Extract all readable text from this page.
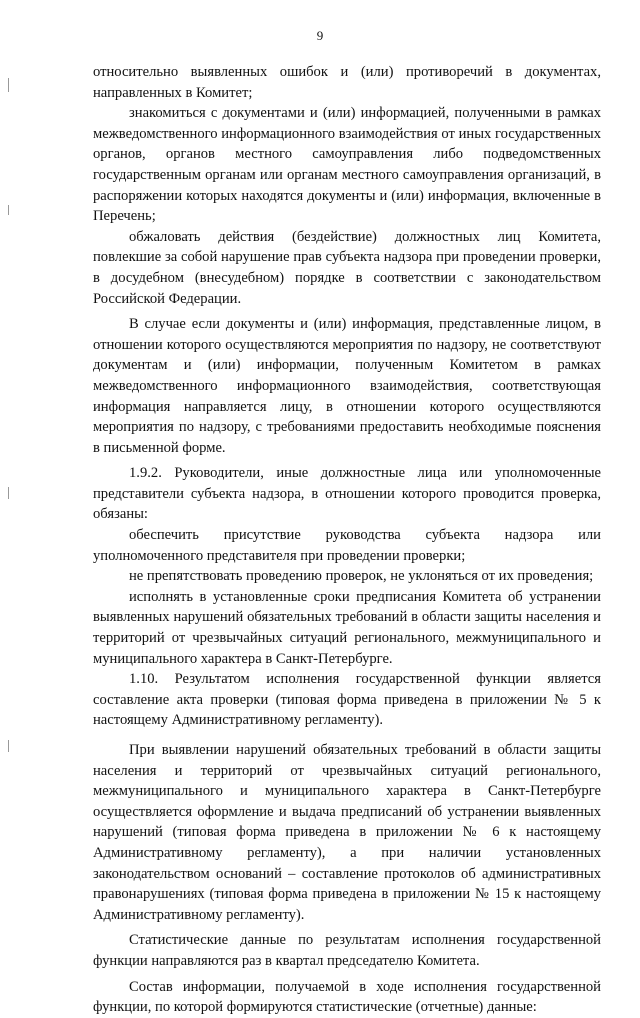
9

относительно выявленных ошибок и (или) противоречий в документах, направленных в Комитет;

знакомиться с документами и (или) информацией, полученными в рамках межведомственного информационного взаимодействия от иных государственных органов, органов местного самоуправления либо подведомственных государственным органам или органам местного самоуправления организаций, в распоряжении которых находятся документы и (или) информация, включенные в Перечень;

обжаловать действия (бездействие) должностных лиц Комитета, повлекшие за собой нарушение прав субъекта надзора при проведении проверки, в досудебном (внесудебном) порядке в соответствии с законодательством Российской Федерации.

В случае если документы и (или) информация, представленные лицом, в отношении которого осуществляются мероприятия по надзору, не соответствуют документам и (или) информации, полученным Комитетом в рамках межведомственного информационного взаимодействия, соответствующая информация направляется лицу, в отношении которого осуществляются мероприятия по надзору, с требованиями предоставить необходимые пояснения в письменной форме.

1.9.2. Руководители, иные должностные лица или уполномоченные представители субъекта надзора, в отношении которого проводится проверка, обязаны:

обеспечить присутствие руководства субъекта надзора или уполномоченного представителя при проведении проверки;

не препятствовать проведению проверок, не уклоняться от их проведения;

исполнять в установленные сроки предписания Комитета об устранении выявленных нарушений обязательных требований в области защиты населения и территорий от чрезвычайных ситуаций регионального, межмуниципального и муниципального характера в Санкт-Петербурге.

1.10. Результатом исполнения государственной функции является составление акта проверки (типовая форма приведена в приложении № 5 к настоящему Административному регламенту).

При выявлении нарушений обязательных требований в области защиты населения и территорий от чрезвычайных ситуаций регионального, межмуниципального и муниципального характера в Санкт-Петербурге осуществляется оформление и выдача предписаний об устранении выявленных нарушений (типовая форма приведена в приложении № 6 к настоящему Административному регламенту), а при наличии установленных законодательством оснований – составление протоколов об административных правонарушениях (типовая форма приведена в приложении № 15 к настоящему Административному регламенту).

Статистические данные по результатам исполнения государственной функции направляются раз в квартал председателю Комитета.

Состав информации, получаемой в ходе исполнения государственной функции, по которой формируются статистические (отчетные) данные:
